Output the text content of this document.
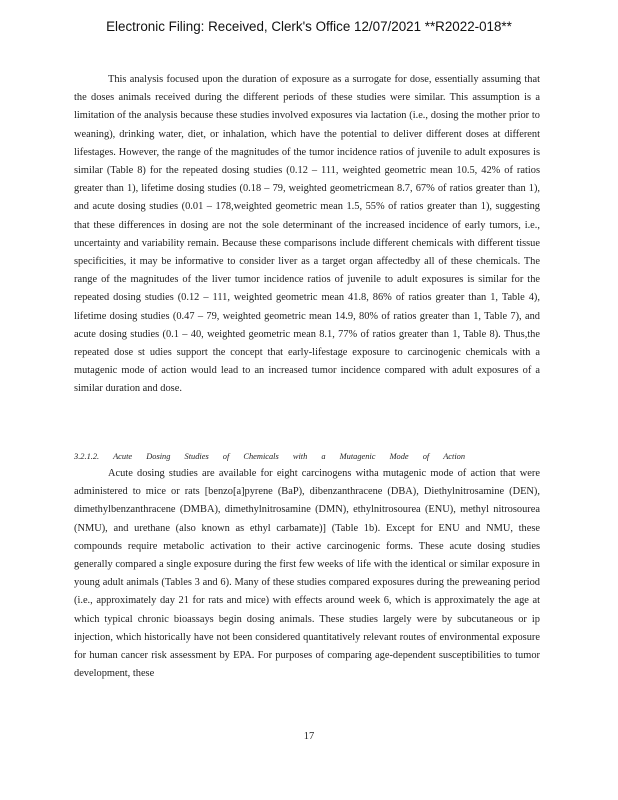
Electronic Filing: Received, Clerk's Office 12/07/2021 **R2022-018**

This analysis focused upon the duration of exposure as a surrogate for dose, essentially assuming that the doses animals received during the different periods of these studies were similar. This assumption is a limitation of the analysis because these studies involved exposures via lactation (i.e., dosing the mother prior to weaning), drinking water, diet, or inhalation, which have the potential to deliver different doses at different lifestages. However, the range of the magnitudes of the tumor incidence ratios of juvenile to adult exposures is similar (Table 8) for the repeated dosing studies (0.12 – 111, weighted geometric mean 10.5, 42% of ratios greater than 1), lifetime dosing studies (0.18 – 79, weighted geometricmean 8.7, 67% of ratios greater than 1), and acute dosing studies (0.01 – 178,weighted geometric mean 1.5, 55% of ratios greater than 1), suggesting that these differences in dosing are not the sole determinant of the increased incidence of early tumors, i.e., uncertainty and variability remain. Because these comparisons include different chemicals with different tissue specificities, it may be informative to consider liver as a target organ affectedby all of these chemicals. The range of the magnitudes of the liver tumor incidence ratios of juvenile to adult exposures is similar for the repeated dosing studies (0.12 – 111, weighted geometric mean 41.8, 86% of ratios greater than 1, Table 4), lifetime dosing studies (0.47 – 79, weighted geometric mean 14.9, 80% of ratios greater than 1, Table 7), and acute dosing studies (0.1 – 40, weighted geometric mean 8.1, 77% of ratios greater than 1, Table 8). Thus,the repeated dose st udies support the concept that early-lifestage exposure to carcinogenic chemicals with a mutagenic mode of action would lead to an increased tumor incidence compared with adult exposures of a similar duration and dose.

3.2.1.2. Acute Dosing Studies of Chemicals with a Mutagenic Mode of Action

Acute dosing studies are available for eight carcinogens witha mutagenic mode of action that were administered to mice or rats [benzo[a]pyrene (BaP), dibenzanthracene (DBA), Diethylnitrosamine (DEN), dimethylbenzanthracene (DMBA), dimethylnitrosamine (DMN), ethylnitrosourea (ENU), methyl nitrosourea (NMU), and urethane (also known as ethyl carbamate)] (Table 1b). Except for ENU and NMU, these compounds require metabolic activation to their active carcinogenic forms. These acute dosing studies generally compared a single exposure during the first few weeks of life with the identical or similar exposure in young adult animals (Tables 3 and 6). Many of these studies compared exposures during the preweaning period (i.e., approximately day 21 for rats and mice) with effects around week 6, which is approximately the age at which typical chronic bioassays begin dosing animals. These studies largely were by subcutaneous or ip injection, which historically have not been considered quantitatively relevant routes of environmental exposure for human cancer risk assessment by EPA. For purposes of comparing age-dependent susceptibilities to tumor development, these

17
